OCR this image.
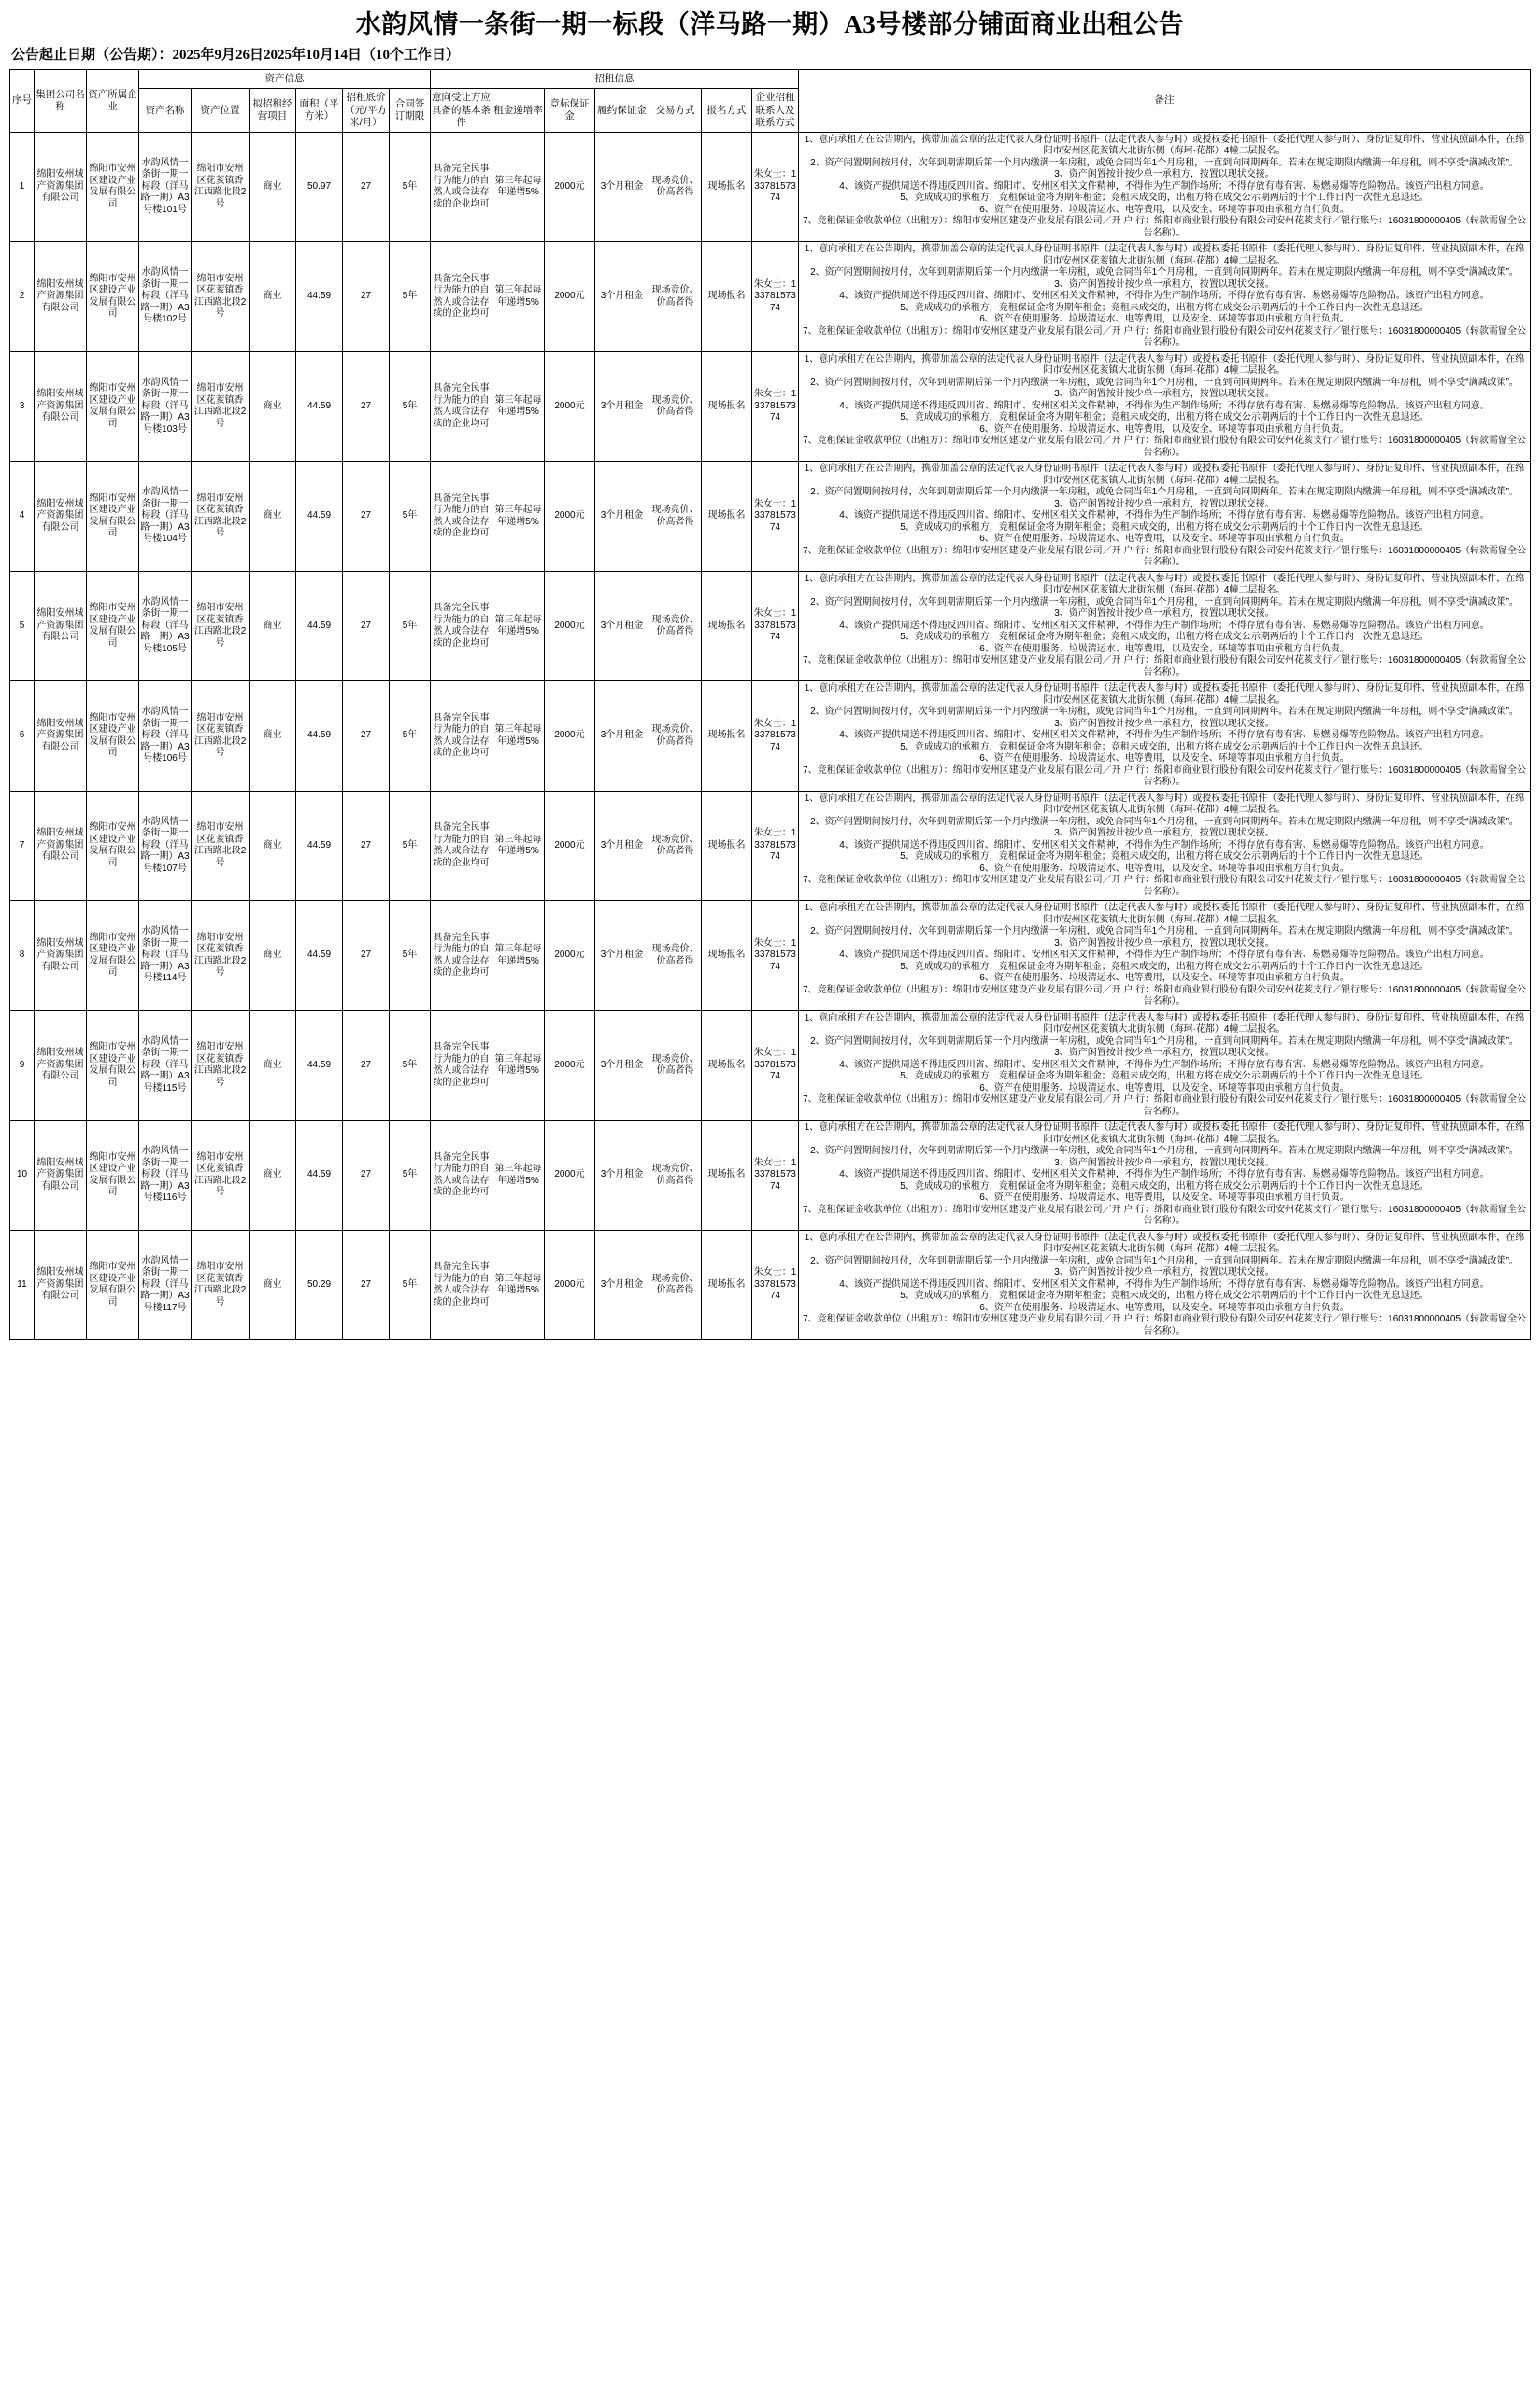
水韵风情一条街一期一标段（洋马路一期）A3号楼部分铺面商业出租公告
公告起止日期（公告期）：2025年9月26日2025年10月14日（10个工作日）
序号	集团公司名称	资产所属企业	资产信息						招租信息							备注
			资产名称	资产位置	拟招租经营项目	面积（平方米）	招租底价（元/平方米/月）	合同签订期限	意向受让方应具备的基本条件	租金递增率	竞标保证金	履约保证金	交易方式	报名方式	企业招租联系人及联系方式	
1	绵阳安州城产资源集团有限公司	绵阳市安州区建设产业发展有限公司	水韵风情一条街一期一标段（洋马路一期）A3号楼101号	绵阳市安州区花荄镇香江西路北段2号	商业	50.97	27	5年	具备完全民事行为能力的自然人或合法存续的企业均可	第三年起每年递增5%	2000元	3个月租金	现场竞价、价高者得	现场报名	朱女士：13378157374	
1、意向承租方在公告期内，携带加盖公章的法定代表人身份证明书原件（法定代表人参与时）或授权委托书原件（委托代理人参与时）、身份证复印件、营业执照副本件，在绵阳市安州区花荄镇大北街东侧（海珂·花都）4幢二层报名。
2、资产闲置期间按月付，次年到期需期后第一个月内缴满一年房租，或免合同当年1个月房租，一直到向同期两年。若未在规定期限内缴满一年房租，则不享受“满减政策”。
3、资产闲置按计按少单一承租方，按置以现状交接。
4、该资产提供周送不得违反四川省、绵阳市、安州区相关文件精神，不得作为生产制作场所；不得存放有毒有害、易燃易爆等危险物品。该资产出租方同意。
5、竞成成功的承租方，竞租保证金将为期年租金；竞租未成交的，出租方将在成交公示期两后的十个工作日内一次性无息退还。
6、资产在使用服务、垃圾清运水、电等费用，以及安全、环境等事项由承租方自行负责。
7、竞租保证金收款单位（出租方）：绵阳市安州区建设产业发展有限公司／开 户 行：绵阳市商业银行股份有限公司安州花荄支行／银行账号：16031800000405（转款需留全公告名称）。

2	绵阳安州城产资源集团有限公司	绵阳市安州区建设产业发展有限公司	水韵风情一条街一期一标段（洋马路一期）A3号楼102号	绵阳市安州区花荄镇香江西路北段2号	商业	44.59	27	5年	具备完全民事行为能力的自然人或合法存续的企业均可	第三年起每年递增5%	2000元	3个月租金	现场竞价、价高者得	现场报名	朱女士：13378157374	
1、意向承租方在公告期内，携带加盖公章的法定代表人身份证明书原件（法定代表人参与时）或授权委托书原件（委托代理人参与时）、身份证复印件、营业执照副本件，在绵阳市安州区花荄镇大北街东侧（海珂·花都）4幢二层报名。
2、资产闲置期间按月付，次年到期需期后第一个月内缴满一年房租，或免合同当年1个月房租，一直到向同期两年。若未在规定期限内缴满一年房租，则不享受“满减政策”。
3、资产闲置按计按少单一承租方，按置以现状交接。
4、该资产提供周送不得违反四川省、绵阳市、安州区相关文件精神，不得作为生产制作场所；不得存放有毒有害、易燃易爆等危险物品。该资产出租方同意。
5、竞成成功的承租方，竞租保证金将为期年租金；竞租未成交的，出租方将在成交公示期两后的十个工作日内一次性无息退还。
6、资产在使用服务、垃圾清运水、电等费用，以及安全、环境等事项由承租方自行负责。
7、竞租保证金收款单位（出租方）：绵阳市安州区建设产业发展有限公司／开 户 行：绵阳市商业银行股份有限公司安州花荄支行／银行账号：16031800000405（转款需留全公告名称）。

3	绵阳安州城产资源集团有限公司	绵阳市安州区建设产业发展有限公司	水韵风情一条街一期一标段（洋马路一期）A3号楼103号	绵阳市安州区花荄镇香江西路北段2号	商业	44.59	27	5年	具备完全民事行为能力的自然人或合法存续的企业均可	第三年起每年递增5%	2000元	3个月租金	现场竞价、价高者得	现场报名	朱女士：13378157374	
1、意向承租方在公告期内，携带加盖公章的法定代表人身份证明书原件（法定代表人参与时）或授权委托书原件（委托代理人参与时）、身份证复印件、营业执照副本件，在绵阳市安州区花荄镇大北街东侧（海珂·花都）4幢二层报名。
2、资产闲置期间按月付，次年到期需期后第一个月内缴满一年房租，或免合同当年1个月房租，一直到向同期两年。若未在规定期限内缴满一年房租，则不享受“满减政策”。
3、资产闲置按计按少单一承租方，按置以现状交接。
4、该资产提供周送不得违反四川省、绵阳市、安州区相关文件精神，不得作为生产制作场所；不得存放有毒有害、易燃易爆等危险物品。该资产出租方同意。
5、竞成成功的承租方，竞租保证金将为期年租金；竞租未成交的，出租方将在成交公示期两后的十个工作日内一次性无息退还。
6、资产在使用服务、垃圾清运水、电等费用，以及安全、环境等事项由承租方自行负责。
7、竞租保证金收款单位（出租方）：绵阳市安州区建设产业发展有限公司／开 户 行：绵阳市商业银行股份有限公司安州花荄支行／银行账号：16031800000405（转款需留全公告名称）。

4	绵阳安州城产资源集团有限公司	绵阳市安州区建设产业发展有限公司	水韵风情一条街一期一标段（洋马路一期）A3号楼104号	绵阳市安州区花荄镇香江西路北段2号	商业	44.59	27	5年	具备完全民事行为能力的自然人或合法存续的企业均可	第三年起每年递增5%	2000元	3个月租金	现场竞价、价高者得	现场报名	朱女士：13378157374	
1、意向承租方在公告期内，携带加盖公章的法定代表人身份证明书原件（法定代表人参与时）或授权委托书原件（委托代理人参与时）、身份证复印件、营业执照副本件，在绵阳市安州区花荄镇大北街东侧（海珂·花都）4幢二层报名。
2、资产闲置期间按月付，次年到期需期后第一个月内缴满一年房租，或免合同当年1个月房租，一直到向同期两年。若未在规定期限内缴满一年房租，则不享受“满减政策”。
3、资产闲置按计按少单一承租方，按置以现状交接。
4、该资产提供周送不得违反四川省、绵阳市、安州区相关文件精神，不得作为生产制作场所；不得存放有毒有害、易燃易爆等危险物品。该资产出租方同意。
5、竞成成功的承租方，竞租保证金将为期年租金；竞租未成交的，出租方将在成交公示期两后的十个工作日内一次性无息退还。
6、资产在使用服务、垃圾清运水、电等费用，以及安全、环境等事项由承租方自行负责。
7、竞租保证金收款单位（出租方）：绵阳市安州区建设产业发展有限公司／开 户 行：绵阳市商业银行股份有限公司安州花荄支行／银行账号：16031800000405（转款需留全公告名称）。

5	绵阳安州城产资源集团有限公司	绵阳市安州区建设产业发展有限公司	水韵风情一条街一期一标段（洋马路一期）A3号楼105号	绵阳市安州区花荄镇香江西路北段2号	商业	44.59	27	5年	具备完全民事行为能力的自然人或合法存续的企业均可	第三年起每年递增5%	2000元	3个月租金	现场竞价、价高者得	现场报名	朱女士：13378157374	
1、意向承租方在公告期内，携带加盖公章的法定代表人身份证明书原件（法定代表人参与时）或授权委托书原件（委托代理人参与时）、身份证复印件、营业执照副本件，在绵阳市安州区花荄镇大北街东侧（海珂·花都）4幢二层报名。
2、资产闲置期间按月付，次年到期需期后第一个月内缴满一年房租，或免合同当年1个月房租，一直到向同期两年。若未在规定期限内缴满一年房租，则不享受“满减政策”。
3、资产闲置按计按少单一承租方，按置以现状交接。
4、该资产提供周送不得违反四川省、绵阳市、安州区相关文件精神，不得作为生产制作场所；不得存放有毒有害、易燃易爆等危险物品。该资产出租方同意。
5、竞成成功的承租方，竞租保证金将为期年租金；竞租未成交的，出租方将在成交公示期两后的十个工作日内一次性无息退还。
6、资产在使用服务、垃圾清运水、电等费用，以及安全、环境等事项由承租方自行负责。
7、竞租保证金收款单位（出租方）：绵阳市安州区建设产业发展有限公司／开 户 行：绵阳市商业银行股份有限公司安州花荄支行／银行账号：16031800000405（转款需留全公告名称）。

6	绵阳安州城产资源集团有限公司	绵阳市安州区建设产业发展有限公司	水韵风情一条街一期一标段（洋马路一期）A3号楼106号	绵阳市安州区花荄镇香江西路北段2号	商业	44.59	27	5年	具备完全民事行为能力的自然人或合法存续的企业均可	第三年起每年递增5%	2000元	3个月租金	现场竞价、价高者得	现场报名	朱女士：13378157374	
1、意向承租方在公告期内，携带加盖公章的法定代表人身份证明书原件（法定代表人参与时）或授权委托书原件（委托代理人参与时）、身份证复印件、营业执照副本件，在绵阳市安州区花荄镇大北街东侧（海珂·花都）4幢二层报名。
2、资产闲置期间按月付，次年到期需期后第一个月内缴满一年房租，或免合同当年1个月房租，一直到向同期两年。若未在规定期限内缴满一年房租，则不享受“满减政策”。
3、资产闲置按计按少单一承租方，按置以现状交接。
4、该资产提供周送不得违反四川省、绵阳市、安州区相关文件精神，不得作为生产制作场所；不得存放有毒有害、易燃易爆等危险物品。该资产出租方同意。
5、竞成成功的承租方，竞租保证金将为期年租金；竞租未成交的，出租方将在成交公示期两后的十个工作日内一次性无息退还。
6、资产在使用服务、垃圾清运水、电等费用，以及安全、环境等事项由承租方自行负责。
7、竞租保证金收款单位（出租方）：绵阳市安州区建设产业发展有限公司／开 户 行：绵阳市商业银行股份有限公司安州花荄支行／银行账号：16031800000405（转款需留全公告名称）。

7	绵阳安州城产资源集团有限公司	绵阳市安州区建设产业发展有限公司	水韵风情一条街一期一标段（洋马路一期）A3号楼107号	绵阳市安州区花荄镇香江西路北段2号	商业	44.59	27	5年	具备完全民事行为能力的自然人或合法存续的企业均可	第三年起每年递增5%	2000元	3个月租金	现场竞价、价高者得	现场报名	朱女士：13378157374	
1、意向承租方在公告期内，携带加盖公章的法定代表人身份证明书原件（法定代表人参与时）或授权委托书原件（委托代理人参与时）、身份证复印件、营业执照副本件，在绵阳市安州区花荄镇大北街东侧（海珂·花都）4幢二层报名。
2、资产闲置期间按月付，次年到期需期后第一个月内缴满一年房租，或免合同当年1个月房租，一直到向同期两年。若未在规定期限内缴满一年房租，则不享受“满减政策”。
3、资产闲置按计按少单一承租方，按置以现状交接。
4、该资产提供周送不得违反四川省、绵阳市、安州区相关文件精神，不得作为生产制作场所；不得存放有毒有害、易燃易爆等危险物品。该资产出租方同意。
5、竞成成功的承租方，竞租保证金将为期年租金；竞租未成交的，出租方将在成交公示期两后的十个工作日内一次性无息退还。
6、资产在使用服务、垃圾清运水、电等费用，以及安全、环境等事项由承租方自行负责。
7、竞租保证金收款单位（出租方）：绵阳市安州区建设产业发展有限公司／开 户 行：绵阳市商业银行股份有限公司安州花荄支行／银行账号：16031800000405（转款需留全公告名称）。

8	绵阳安州城产资源集团有限公司	绵阳市安州区建设产业发展有限公司	水韵风情一条街一期一标段（洋马路一期）A3号楼114号	绵阳市安州区花荄镇香江西路北段2号	商业	44.59	27	5年	具备完全民事行为能力的自然人或合法存续的企业均可	第三年起每年递增5%	2000元	3个月租金	现场竞价、价高者得	现场报名	朱女士：13378157374	
1、意向承租方在公告期内，携带加盖公章的法定代表人身份证明书原件（法定代表人参与时）或授权委托书原件（委托代理人参与时）、身份证复印件、营业执照副本件，在绵阳市安州区花荄镇大北街东侧（海珂·花都）4幢二层报名。
2、资产闲置期间按月付，次年到期需期后第一个月内缴满一年房租，或免合同当年1个月房租，一直到向同期两年。若未在规定期限内缴满一年房租，则不享受“满减政策”。
3、资产闲置按计按少单一承租方，按置以现状交接。
4、该资产提供周送不得违反四川省、绵阳市、安州区相关文件精神，不得作为生产制作场所；不得存放有毒有害、易燃易爆等危险物品。该资产出租方同意。
5、竞成成功的承租方，竞租保证金将为期年租金；竞租未成交的，出租方将在成交公示期两后的十个工作日内一次性无息退还。
6、资产在使用服务、垃圾清运水、电等费用，以及安全、环境等事项由承租方自行负责。
7、竞租保证金收款单位（出租方）：绵阳市安州区建设产业发展有限公司／开 户 行：绵阳市商业银行股份有限公司安州花荄支行／银行账号：16031800000405（转款需留全公告名称）。

9	绵阳安州城产资源集团有限公司	绵阳市安州区建设产业发展有限公司	水韵风情一条街一期一标段（洋马路一期）A3号楼115号	绵阳市安州区花荄镇香江西路北段2号	商业	44.59	27	5年	具备完全民事行为能力的自然人或合法存续的企业均可	第三年起每年递增5%	2000元	3个月租金	现场竞价、价高者得	现场报名	朱女士：13378157374	
1、意向承租方在公告期内，携带加盖公章的法定代表人身份证明书原件（法定代表人参与时）或授权委托书原件（委托代理人参与时）、身份证复印件、营业执照副本件，在绵阳市安州区花荄镇大北街东侧（海珂·花都）4幢二层报名。
2、资产闲置期间按月付，次年到期需期后第一个月内缴满一年房租，或免合同当年1个月房租，一直到向同期两年。若未在规定期限内缴满一年房租，则不享受“满减政策”。
3、资产闲置按计按少单一承租方，按置以现状交接。
4、该资产提供周送不得违反四川省、绵阳市、安州区相关文件精神，不得作为生产制作场所；不得存放有毒有害、易燃易爆等危险物品。该资产出租方同意。
5、竞成成功的承租方，竞租保证金将为期年租金；竞租未成交的，出租方将在成交公示期两后的十个工作日内一次性无息退还。
6、资产在使用服务、垃圾清运水、电等费用，以及安全、环境等事项由承租方自行负责。
7、竞租保证金收款单位（出租方）：绵阳市安州区建设产业发展有限公司／开 户 行：绵阳市商业银行股份有限公司安州花荄支行／银行账号：16031800000405（转款需留全公告名称）。

10	绵阳安州城产资源集团有限公司	绵阳市安州区建设产业发展有限公司	水韵风情一条街一期一标段（洋马路一期）A3号楼116号	绵阳市安州区花荄镇香江西路北段2号	商业	44.59	27	5年	具备完全民事行为能力的自然人或合法存续的企业均可	第三年起每年递增5%	2000元	3个月租金	现场竞价、价高者得	现场报名	朱女士：13378157374	
1、意向承租方在公告期内，携带加盖公章的法定代表人身份证明书原件（法定代表人参与时）或授权委托书原件（委托代理人参与时）、身份证复印件、营业执照副本件，在绵阳市安州区花荄镇大北街东侧（海珂·花都）4幢二层报名。
2、资产闲置期间按月付，次年到期需期后第一个月内缴满一年房租，或免合同当年1个月房租，一直到向同期两年。若未在规定期限内缴满一年房租，则不享受“满减政策”。
3、资产闲置按计按少单一承租方，按置以现状交接。
4、该资产提供周送不得违反四川省、绵阳市、安州区相关文件精神，不得作为生产制作场所；不得存放有毒有害、易燃易爆等危险物品。该资产出租方同意。
5、竞成成功的承租方，竞租保证金将为期年租金；竞租未成交的，出租方将在成交公示期两后的十个工作日内一次性无息退还。
6、资产在使用服务、垃圾清运水、电等费用，以及安全、环境等事项由承租方自行负责。
7、竞租保证金收款单位（出租方）：绵阳市安州区建设产业发展有限公司／开 户 行：绵阳市商业银行股份有限公司安州花荄支行／银行账号：16031800000405（转款需留全公告名称）。

11	绵阳安州城产资源集团有限公司	绵阳市安州区建设产业发展有限公司	水韵风情一条街一期一标段（洋马路一期）A3号楼117号	绵阳市安州区花荄镇香江西路北段2号	商业	50.29	27	5年	具备完全民事行为能力的自然人或合法存续的企业均可	第三年起每年递增5%	2000元	3个月租金	现场竞价、价高者得	现场报名	朱女士：13378157374	
1、意向承租方在公告期内，携带加盖公章的法定代表人身份证明书原件（法定代表人参与时）或授权委托书原件（委托代理人参与时）、身份证复印件、营业执照副本件，在绵阳市安州区花荄镇大北街东侧（海珂·花都）4幢二层报名。
2、资产闲置期间按月付，次年到期需期后第一个月内缴满一年房租，或免合同当年1个月房租，一直到向同期两年。若未在规定期限内缴满一年房租，则不享受“满减政策”。
3、资产闲置按计按少单一承租方，按置以现状交接。
4、该资产提供周送不得违反四川省、绵阳市、安州区相关文件精神，不得作为生产制作场所；不得存放有毒有害、易燃易爆等危险物品。该资产出租方同意。
5、竞成成功的承租方，竞租保证金将为期年租金；竞租未成交的，出租方将在成交公示期两后的十个工作日内一次性无息退还。
6、资产在使用服务、垃圾清运水、电等费用，以及安全、环境等事项由承租方自行负责。
7、竞租保证金收款单位（出租方）：绵阳市安州区建设产业发展有限公司／开 户 行：绵阳市商业银行股份有限公司安州花荄支行／银行账号：16031800000405（转款需留全公告名称）。
